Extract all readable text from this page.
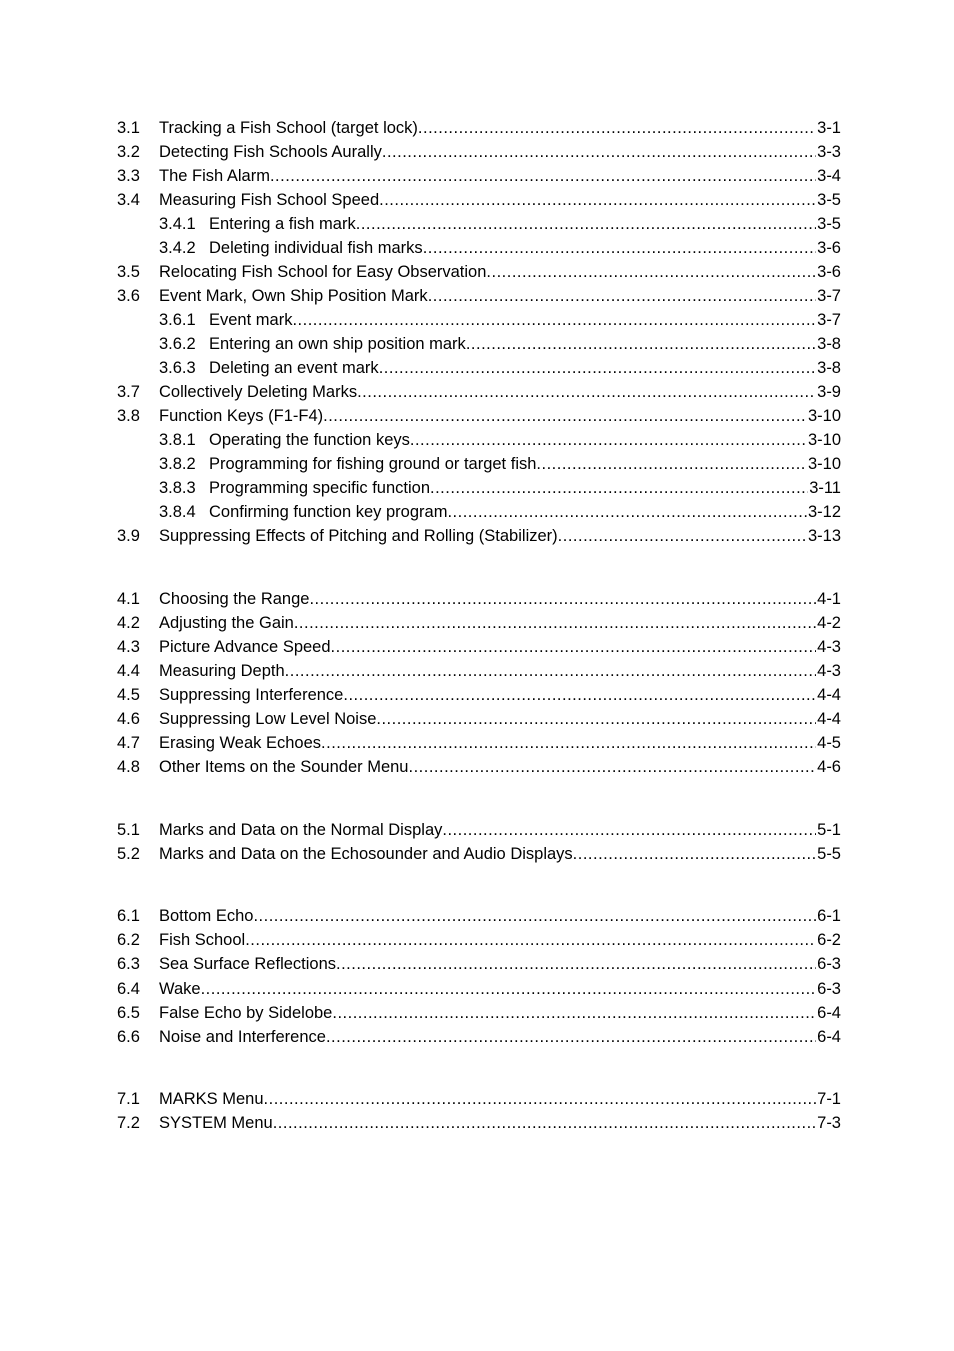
3.1 Tracking a Fish School (target lock) .....	3-1
3.2 Detecting Fish Schools Aurally .....	3-3
3.3 The Fish Alarm .....	3-4
3.4 Measuring Fish School Speed .....	3-5
3.4.1 Entering a fish mark .....	3-5
3.4.2 Deleting individual fish marks .....	3-6
3.5 Relocating Fish School for Easy Observation .....	3-6
3.6 Event Mark, Own Ship Position Mark .....	3-7
3.6.1 Event mark .....	3-7
3.6.2 Entering an own ship position mark .....	3-8
3.6.3 Deleting an event mark .....	3-8
3.7 Collectively Deleting Marks .....	3-9
3.8 Function Keys (F1-F4) .....	3-10
3.8.1 Operating the function keys .....	3-10
3.8.2 Programming for fishing ground or target fish .....	3-10
3.8.3 Programming specific function .....	3-11
3.8.4 Confirming function key program .....	3-12
3.9 Suppressing Effects of Pitching and Rolling (Stabilizer) .....	3-13
4.1 Choosing the Range .....	4-1
4.2 Adjusting the Gain .....	4-2
4.3 Picture Advance Speed .....	4-3
4.4 Measuring Depth .....	4-3
4.5 Suppressing Interference .....	4-4
4.6 Suppressing Low Level Noise .....	4-4
4.7 Erasing Weak Echoes .....	4-5
4.8 Other Items on the Sounder Menu .....	4-6
5.1 Marks and Data on the Normal Display .....	5-1
5.2 Marks and Data on the Echosounder and Audio Displays .....	5-5
6.1 Bottom Echo .....	6-1
6.2 Fish School .....	6-2
6.3 Sea Surface Reflections .....	6-3
6.4 Wake .....	6-3
6.5 False Echo by Sidelobe .....	6-4
6.6 Noise and Interference .....	6-4
7.1 MARKS Menu .....	7-1
7.2 SYSTEM Menu .....	7-3
